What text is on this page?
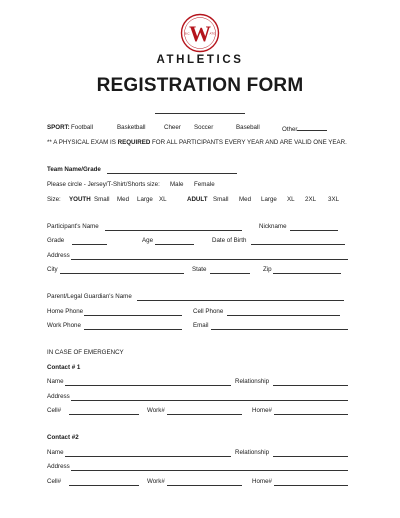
W
B.C.	ATG
ATHLETICS
REGISTRATION FORM
SPORT: Football	Basketball	Cheer Soccer	Baseball	Other
** A PHYSICAL EXAM IS REQUIRED FOR ALL PARTICIPANTS EVERY YEAR AND ARE VALID ONE YEAR.
Team Name/Grade
Please circle - Jersey/T-Shirt/Shorts size: Male Female
Size: YOUTH Small Med Large XL	ADULT Small Med Large XL 2XL 3XL
Participant's Name	Nickname
Grade	Age	Date of Birth
Address
City	State	Zip
Parent/Legal Guardian's Name
Home Phone	Cell Phone
Work Phone	Email
IN CASE OF EMERGENCY
Contact # 1
Name	Relationship
Address
Cell#	Work#	Home#
Contact #2
Name	Relationship
Address
Cell#	Work#	Home#
